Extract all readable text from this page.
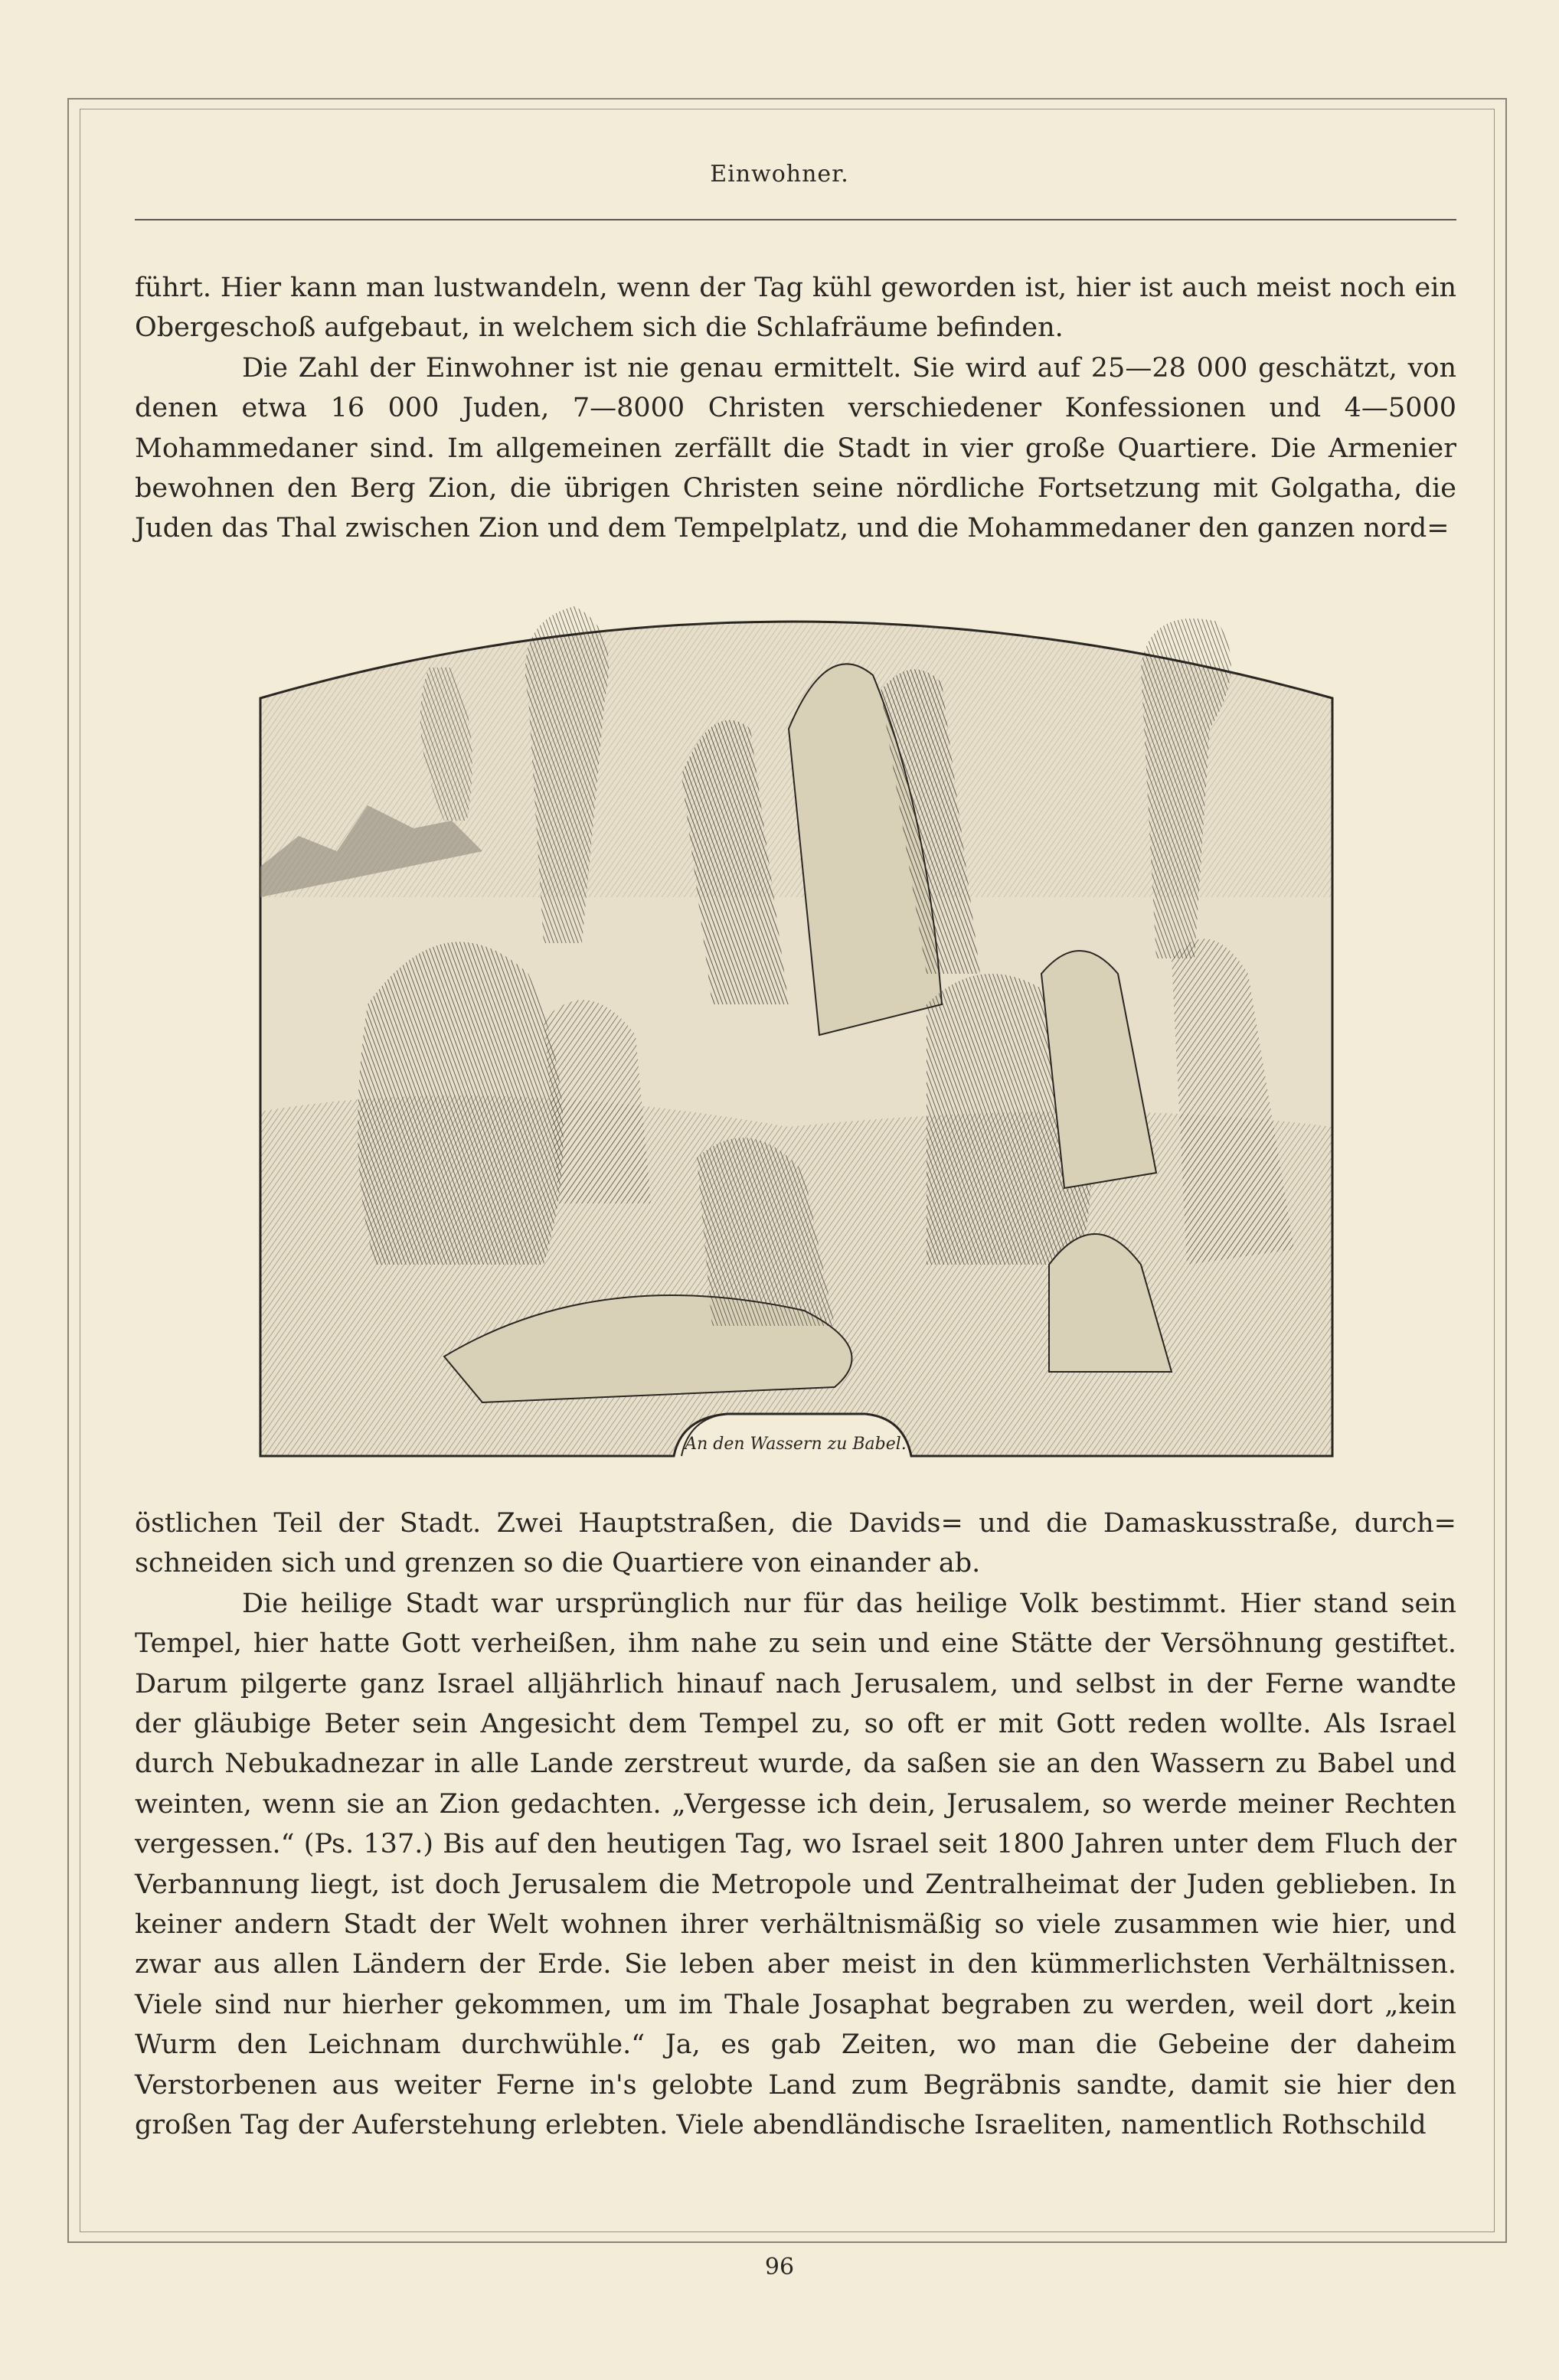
Einwohner.

führt. Hier kann man lustwandeln, wenn der Tag kühl geworden ist, hier ist auch meist noch ein Obergeschoß aufgebaut, in welchem sich die Schlafräume befinden.

Die Zahl der Einwohner ist nie genau ermittelt. Sie wird auf 25—28 000 geschätzt, von denen etwa 16 000 Juden, 7—8000 Christen verschiedener Konfessionen und 4—5000 Mohammedaner sind. Im allgemeinen zerfällt die Stadt in vier große Quartiere. Die Armenier bewohnen den Berg Zion, die übrigen Christen seine nördliche Fortsetzung mit Golgatha, die Juden das Thal zwischen Zion und dem Tempelplatz, und die Mohammedaner den ganzen nord=

An den Wassern zu Babel.

östlichen Teil der Stadt. Zwei Hauptstraßen, die Davids= und die Damaskusstraße, durch= schneiden sich und grenzen so die Quartiere von einander ab.

Die heilige Stadt war ursprünglich nur für das heilige Volk bestimmt. Hier stand sein Tempel, hier hatte Gott verheißen, ihm nahe zu sein und eine Stätte der Versöhnung gestiftet. Darum pilgerte ganz Israel alljährlich hinauf nach Jerusalem, und selbst in der Ferne wandte der gläubige Beter sein Angesicht dem Tempel zu, so oft er mit Gott reden wollte. Als Israel durch Nebukadnezar in alle Lande zerstreut wurde, da saßen sie an den Wassern zu Babel und weinten, wenn sie an Zion gedachten. „Vergesse ich dein, Jerusalem, so werde meiner Rechten vergessen.“ (Ps. 137.) Bis auf den heutigen Tag, wo Israel seit 1800 Jahren unter dem Fluch der Verbannung liegt, ist doch Jerusalem die Metropole und Zentralheimat der Juden geblieben. In keiner andern Stadt der Welt wohnen ihrer verhältnismäßig so viele zusammen wie hier, und zwar aus allen Ländern der Erde. Sie leben aber meist in den kümmerlichsten Verhältnissen. Viele sind nur hierher gekommen, um im Thale Josaphat begraben zu werden, weil dort „kein Wurm den Leichnam durchwühle.“ Ja, es gab Zeiten, wo man die Gebeine der daheim Verstorbenen aus weiter Ferne in's gelobte Land zum Begräbnis sandte, damit sie hier den großen Tag der Auferstehung erlebten. Viele abendländische Israeliten, namentlich Rothschild

96
